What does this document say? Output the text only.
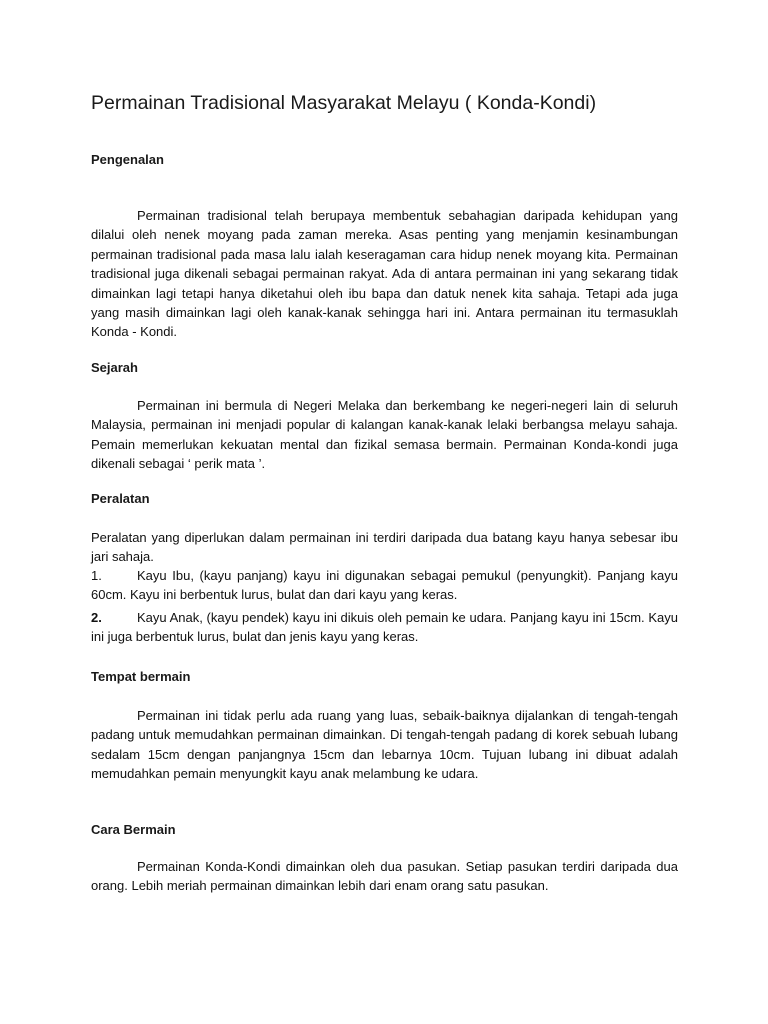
Permainan Tradisional Masyarakat Melayu ( Konda-Kondi)
Pengenalan

Permainan tradisional telah berupaya membentuk sebahagian daripada kehidupan yang dilalui oleh nenek moyang pada zaman mereka. Asas penting yang menjamin kesinambungan permainan tradisional pada masa lalu ialah keseragaman cara hidup nenek moyang kita. Permainan tradisional juga dikenali sebagai permainan rakyat. Ada di antara permainan ini yang sekarang tidak dimainkan lagi tetapi hanya diketahui oleh ibu bapa dan datuk nenek kita sahaja. Tetapi ada juga yang masih dimainkan lagi oleh kanak-kanak sehingga hari ini. Antara permainan itu termasuklah Konda - Kondi.

Sejarah

Permainan ini bermula di Negeri Melaka dan berkembang ke negeri-negeri lain di seluruh Malaysia, permainan ini menjadi popular di kalangan kanak-kanak lelaki berbangsa melayu sahaja. Pemain memerlukan kekuatan mental dan fizikal semasa bermain. Permainan Konda-kondi juga dikenali sebagai ‘ perik mata ’.

Peralatan

Peralatan yang diperlukan dalam permainan ini terdiri daripada dua batang kayu hanya sebesar ibu jari sahaja.

1.	Kayu Ibu, (kayu panjang) kayu ini digunakan sebagai pemukul (penyungkit). Panjang kayu 60cm. Kayu ini berbentuk lurus, bulat dan dari kayu yang keras.
2.	Kayu Anak, (kayu pendek) kayu ini dikuis oleh pemain ke udara. Panjang kayu ini 15cm. Kayu ini juga berbentuk lurus, bulat dan jenis kayu yang keras.
Tempat bermain

Permainan ini tidak perlu ada ruang yang luas, sebaik-baiknya dijalankan di tengah-tengah padang untuk memudahkan permainan dimainkan. Di tengah-tengah padang di korek sebuah lubang sedalam 15cm dengan panjangnya 15cm dan lebarnya 10cm. Tujuan lubang ini dibuat adalah memudahkan pemain menyungkit kayu anak melambung ke udara.

Cara Bermain

Permainan Konda-Kondi dimainkan oleh dua pasukan. Setiap pasukan terdiri daripada dua orang. Lebih meriah permainan dimainkan lebih dari enam orang satu pasukan.
